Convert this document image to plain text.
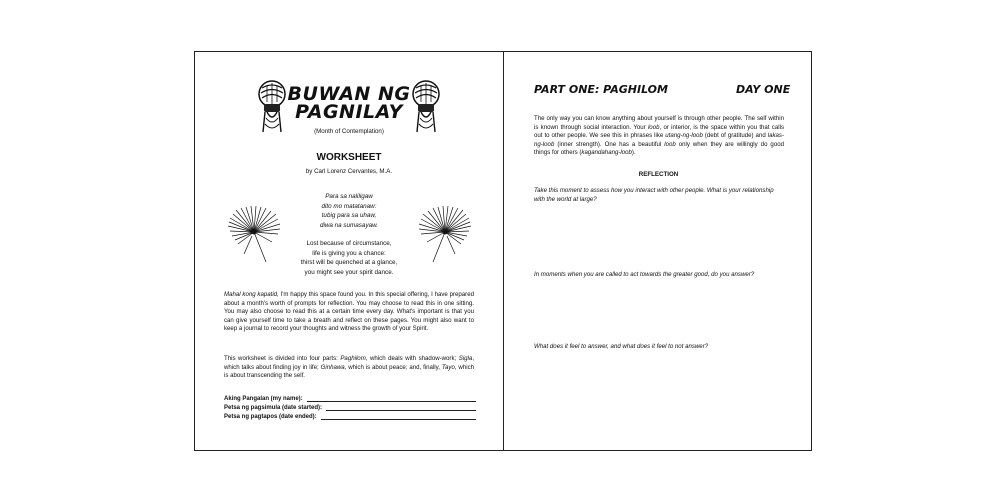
BUWAN NG
PAGNILAY
(Month of Contemplation)
WORKSHEET
by Carl Lorenz Cervantes, M.A.
Para sa naliligaw
dito mo matatanaw:
tubig para sa uhaw,
diwa na sumasayaw.
Lost because of circumstance,
life is giving you a chance:
thirst will be quenched at a glance,
you might see your spirit dance.
Mahal kong kapatid, I'm happy this space found you. In this special offering, I have prepared about a month's worth of prompts for reflection. You may choose to read this in one sitting. You may also choose to read this at a certain time every day. What's important is that you can give yourself time to take a breath and reflect on these pages. You might also want to keep a journal to record your thoughts and witness the growth of your Spirit.
This worksheet is divided into four parts: Paghilom, which deals with shadow-work; Sigla, which talks about finding joy in life; Ginhawa, which is about peace; and, finally, Tayo, which is about transcending the self.
Aking Pangalan (my name):
Petsa ng pagsimula (date started):
Petsa ng pagtapos (date ended):
PART ONE: PAGHILOM	DAY ONE
The only way you can know anything about yourself is through other people. The self within is known through social interaction. Your loob, or interior, is the space within you that calls out to other people. We see this in phrases like utang-ng-loob (debt of gratitude) and lakas-ng-loob (inner strength). One has a beautiful loob only when they are willingly do good things for others (kagandahang-loob).
REFLECTION
Take this moment to assess how you interact with other people. What is your relationship with the world at large?
In moments when you are called to act towards the greater good, do you answer?
What does it feel to answer, and what does it feel to not answer?
